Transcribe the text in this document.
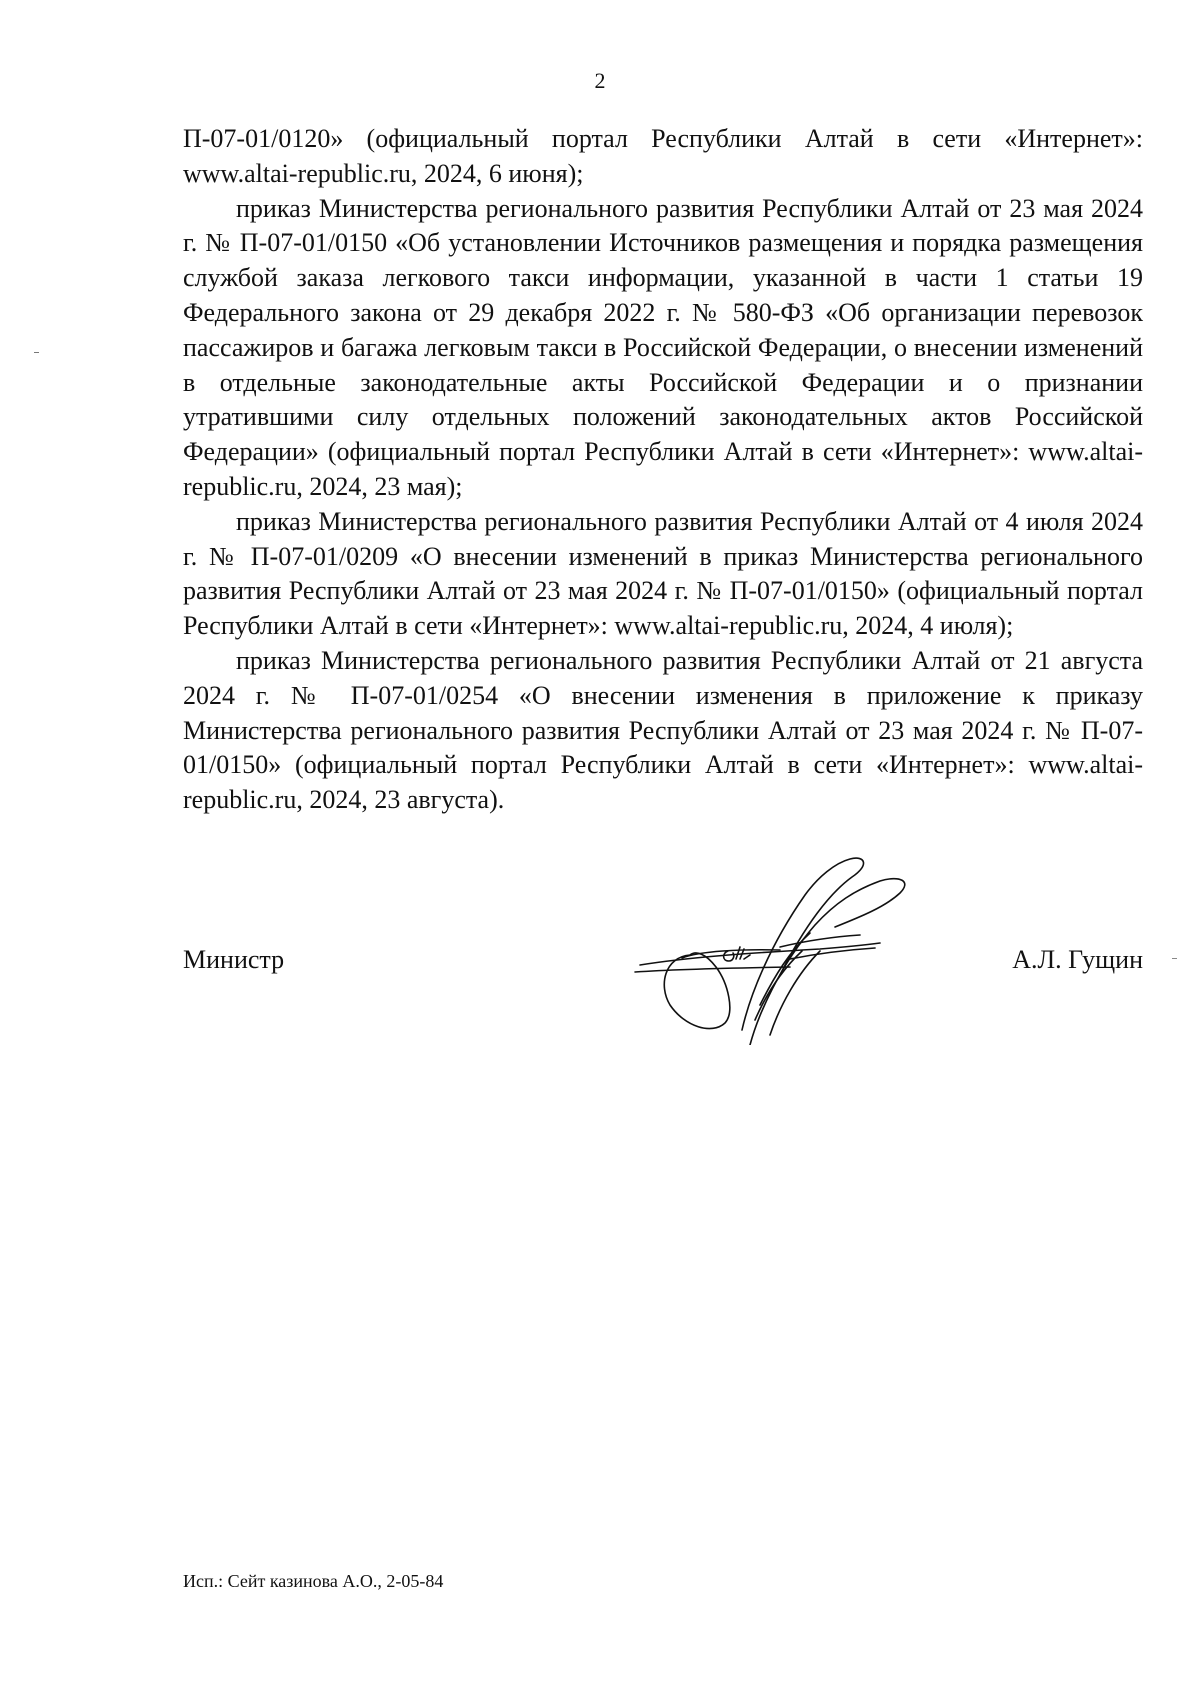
2

П-07-01/0120» (официальный портал Республики Алтай в сети «Интернет»: www.altai-republic.ru, 2024, 6 июня);

приказ Министерства регионального развития Республики Алтай от 23 мая 2024 г. № П-07-01/0150 «Об установлении Источников размещения и порядка размещения службой заказа легкового такси информации, указанной в части 1 статьи 19 Федерального закона от 29 декабря 2022 г. № 580-ФЗ «Об организации перевозок пассажиров и багажа легковым такси в Российской Федерации, о внесении изменений в отдельные законодательные акты Российской Федерации и о признании утратившими силу отдельных положений законодательных актов Российской Федерации» (официальный портал Республики Алтай в сети «Интернет»: www.altai-republic.ru, 2024, 23 мая);

приказ Министерства регионального развития Республики Алтай от 4 июля 2024 г. № П-07-01/0209 «О внесении изменений в приказ Министерства регионального развития Республики Алтай от 23 мая 2024 г. № П-07-01/0150» (официальный портал Республики Алтай в сети «Интернет»: www.altai-republic.ru, 2024, 4 июля);

приказ Министерства регионального развития Республики Алтай от 21 августа 2024 г. № П-07-01/0254 «О внесении изменения в приложение к приказу Министерства регионального развития Республики Алтай от 23 мая 2024 г. № П-07-01/0150» (официальный портал Республики Алтай в сети «Интернет»: www.altai-republic.ru, 2024, 23 августа).

Министр	А.Л. Гущин
Исп.: Сейт казинова А.О., 2-05-84
